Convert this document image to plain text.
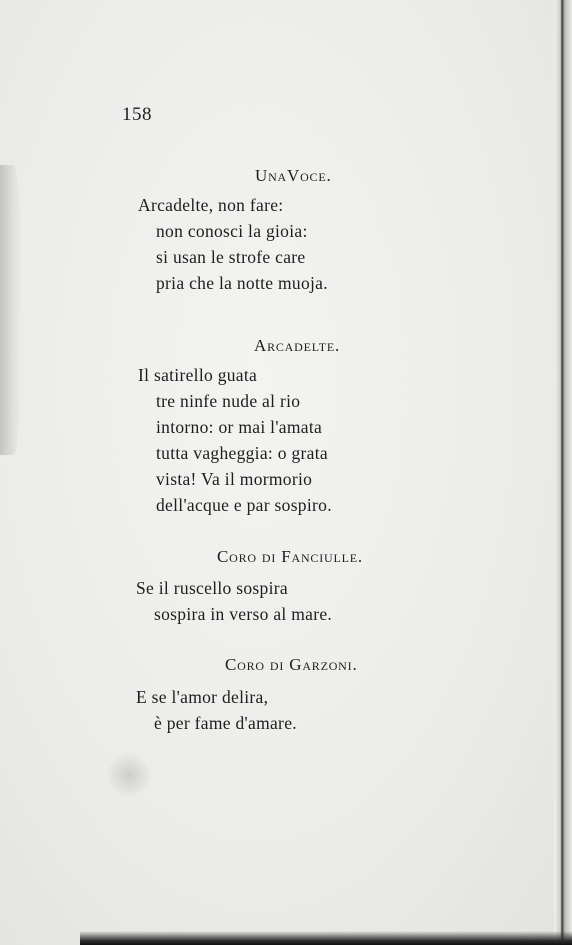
158
UnaVoce.
Arcadelte, non fare:
non conosci la gioia:
si usan le strofe care
pria che la notte muoja.
Arcadelte.
Il satirello guata
tre ninfe nude al rio
intorno: or mai l'amata
tutta vagheggia: o grata
vista! Va il mormorio
dell'acque e par sospiro.
Coro di Fanciulle.
Se il ruscello sospira
sospira in verso al mare.
Coro di Garzoni.
E se l'amor delira,
è per fame d'amare.
